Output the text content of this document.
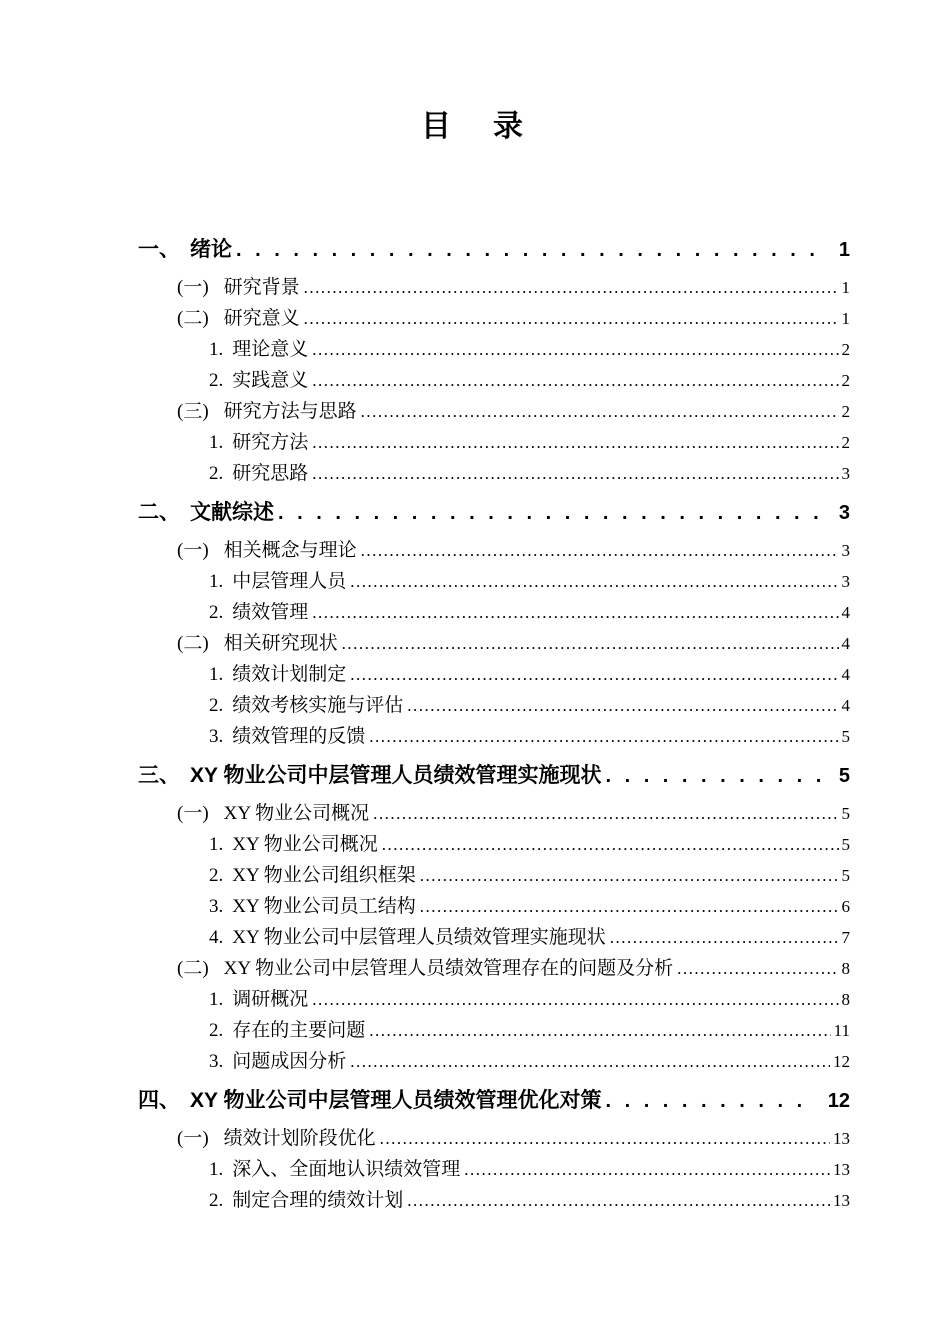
目　录
一、 绪论 . . .	1
(一) 研究背景 .....	1
(二) 研究意义 .....	1
1. 理论意义 .....	2
2. 实践意义 .....	2
(三) 研究方法与思路 .....	2
1. 研究方法 .....	2
2. 研究思路 .....	3
二、 文献综述 . . .	3
(一) 相关概念与理论 .....	3
1. 中层管理人员 .....	3
2. 绩效管理 .....	4
(二) 相关研究现状 .....	4
1. 绩效计划制定 .....	4
2. 绩效考核实施与评估 .....	4
3. 绩效管理的反馈 .....	5
三、 XY 物业公司中层管理人员绩效管理实施现状 . . .	5
(一) XY 物业公司概况 .....	5
1. XY 物业公司概况 .....	5
2. XY 物业公司组织框架 .....	5
3. XY 物业公司员工结构 .....	6
4. XY 物业公司中层管理人员绩效管理实施现状 .....	7
(二) XY 物业公司中层管理人员绩效管理存在的问题及分析 .....	8
1. 调研概况 .....	8
2. 存在的主要问题 .....	11
3. 问题成因分析 .....	12
四、 XY 物业公司中层管理人员绩效管理优化对策 . . .	12
(一) 绩效计划阶段优化 .....	13
1. 深入、全面地认识绩效管理 .....	13
2. 制定合理的绩效计划 .....	13
